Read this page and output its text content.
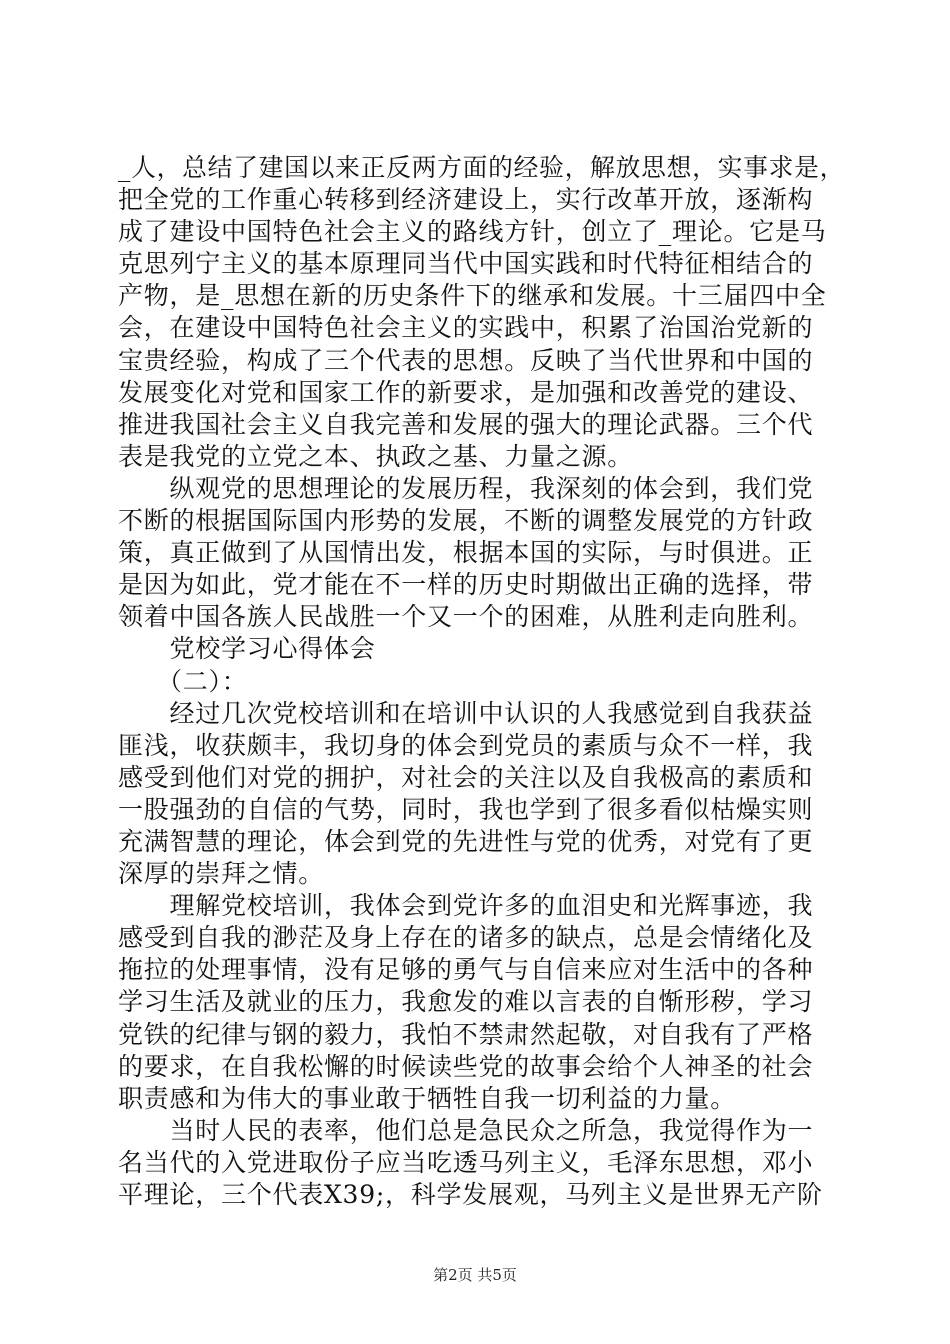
_人，总结了建国以来正反两方面的经验，解放思想，实事求是，
把全党的工作重心转移到经济建设上，实行改革开放，逐渐构
成了建设中国特色社会主义的路线方针，创立了_理论。它是马
克思列宁主义的基本原理同当代中国实践和时代特征相结合的
产物，是_思想在新的历史条件下的继承和发展。十三届四中全
会，在建设中国特色社会主义的实践中，积累了治国治党新的
宝贵经验，构成了三个代表的思想。反映了当代世界和中国的
发展变化对党和国家工作的新要求，是加强和改善党的建设、
推进我国社会主义自我完善和发展的强大的理论武器。三个代
表是我党的立党之本、执政之基、力量之源。
　　纵观党的思想理论的发展历程，我深刻的体会到，我们党
不断的根据国际国内形势的发展，不断的调整发展党的方针政
策，真正做到了从国情出发，根据本国的实际，与时俱进。正
是因为如此，党才能在不一样的历史时期做出正确的选择，带
领着中国各族人民战胜一个又一个的困难，从胜利走向胜利。
　　党校学习心得体会
　　（二）：
　　经过几次党校培训和在培训中认识的人我感觉到自我获益
匪浅，收获颇丰，我切身的体会到党员的素质与众不一样，我
感受到他们对党的拥护，对社会的关注以及自我极高的素质和
一股强劲的自信的气势，同时，我也学到了很多看似枯燥实则
充满智慧的理论，体会到党的先进性与党的优秀，对党有了更
深厚的崇拜之情。
　　理解党校培训，我体会到党许多的血泪史和光辉事迹，我
感受到自我的渺茫及身上存在的诸多的缺点，总是会情绪化及
拖拉的处理事情，没有足够的勇气与自信来应对生活中的各种
学习生活及就业的压力，我愈发的难以言表的自惭形秽，学习
党铁的纪律与钢的毅力，我怕不禁肃然起敬，对自我有了严格
的要求，在自我松懈的时候读些党的故事会给个人神圣的社会
职责感和为伟大的事业敢于牺牲自我一切利益的力量。
　　当时人民的表率，他们总是急民众之所急，我觉得作为一
名当代的入党进取份子应当吃透马列主义，毛泽东思想，邓小
平理论，三个代表X39;，科学发展观，马列主义是世界无产阶
第2页 共5页
